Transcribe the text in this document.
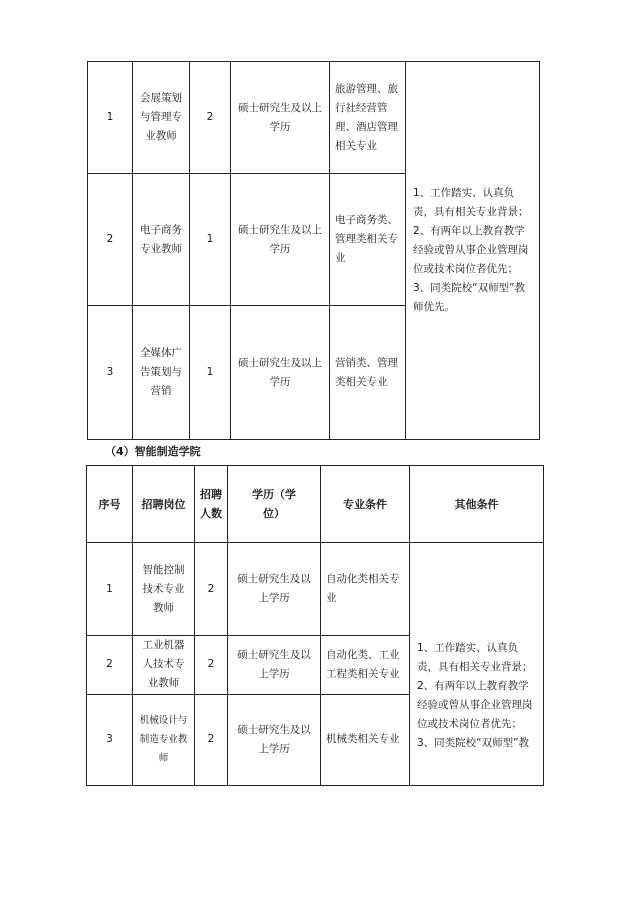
1	会展策划与管理专业教师	2	硕士研究生及以上学历	旅游管理、旅行社经营管理、酒店管理相关专业	1、工作踏实、认真负责，具有相关专业背景；
2、有两年以上教育教学经验或曾从事企业管理岗位或技术岗位者优先；
3、同类院校“双师型”教师优先。

2	电子商务专业教师	1	硕士研究生及以上学历	电子商务类、管理类相关专业	
3	全媒体广告策划与营销	1	硕士研究生及以上学历	营销类、管理类相关专业	
（4）智能制造学院
序号	招聘岗位	招聘人数	学历（学位）	专业条件	其他条件
1	智能控制技术专业教师	2	硕士研究生及以上学历	自动化类相关专业	1、工作踏实、认真负责，具有相关专业背景；
2、有两年以上教育教学经验或曾从事企业管理岗位或技术岗位者优先；
3、同类院校“双师型”教

2	工业机器人技术专业教师	2	硕士研究生及以上学历	自动化类、工业工程类相关专业	
3	机械设计与制造专业教师	2	硕士研究生及以上学历	机械类相关专业	
